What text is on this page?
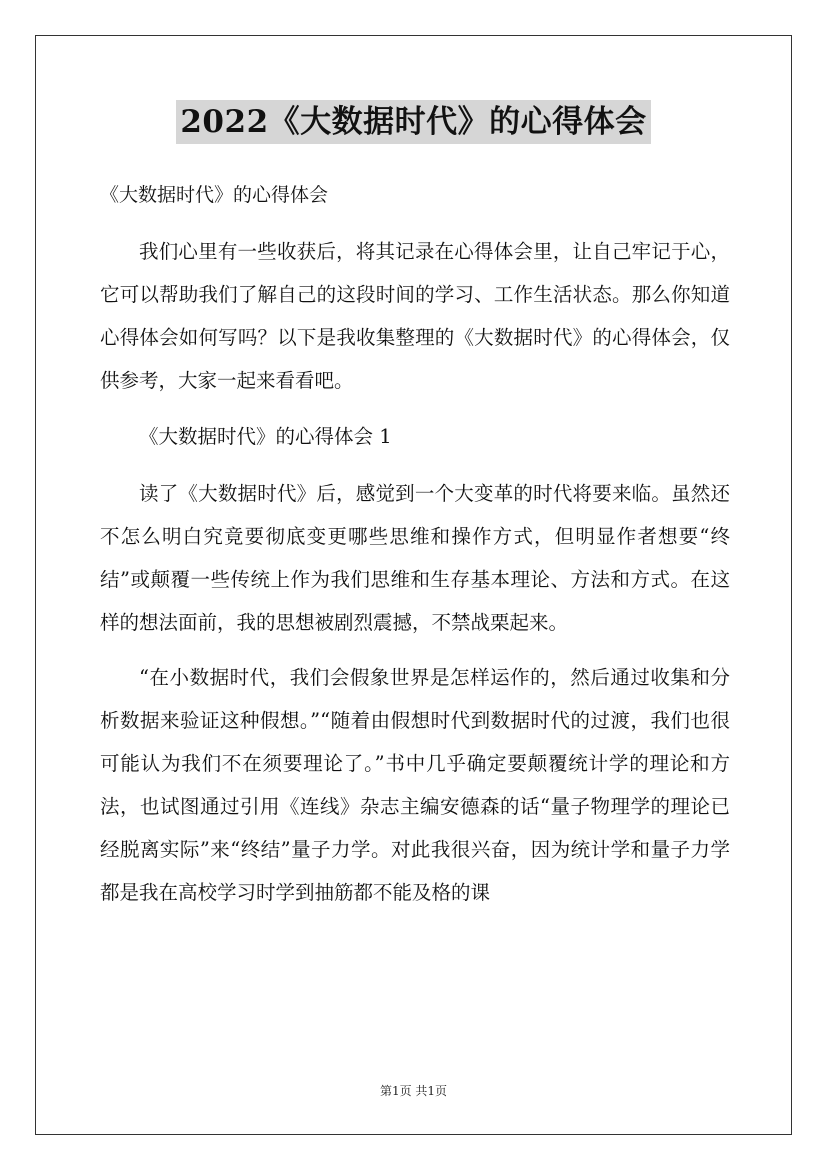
2022《大数据时代》的心得体会
《大数据时代》的心得体会

我们心里有一些收获后，将其记录在心得体会里，让自己牢记于心，它可以帮助我们了解自己的这段时间的学习、工作生活状态。那么你知道心得体会如何写吗？以下是我收集整理的《大数据时代》的心得体会，仅供参考，大家一起来看看吧。

《大数据时代》的心得体会 1

读了《大数据时代》后，感觉到一个大变革的时代将要来临。虽然还不怎么明白究竟要彻底变更哪些思维和操作方式，但明显作者想要“终结”或颠覆一些传统上作为我们思维和生存基本理论、方法和方式。在这样的想法面前，我的思想被剧烈震撼，不禁战栗起来。

“在小数据时代，我们会假象世界是怎样运作的，然后通过收集和分析数据来验证这种假想。”“随着由假想时代到数据时代的过渡，我们也很可能认为我们不在须要理论了。”书中几乎确定要颠覆统计学的理论和方法，也试图通过引用《连线》杂志主编安德森的话“量子物理学的理论已经脱离实际”来“终结”量子力学。对此我很兴奋，因为统计学和量子力学都是我在高校学习时学到抽筋都不能及格的课

第1页 共1页
